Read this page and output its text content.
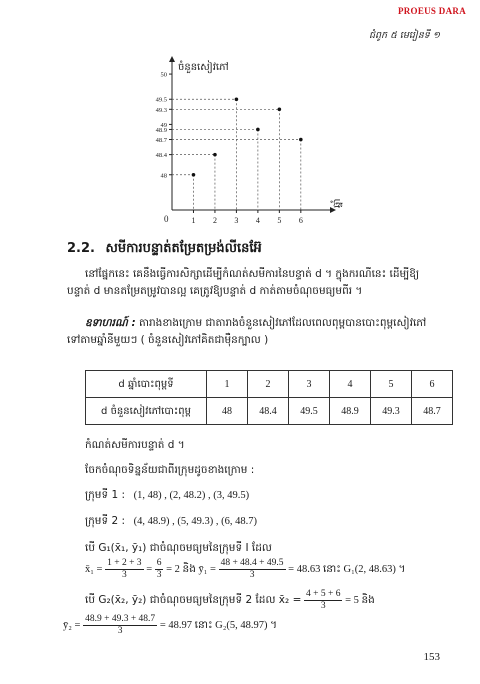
PROEUS DARA
ជំពូក ៥ មេរៀនទី ១
0	1 2 3 4 5 6
50
49.5
49.3
49
48.9
48.7
48.4
48
ចំនួនសៀវភៅ
ឆ្នាំ
2.2. សមីការបន្ទាត់តម្រែតម្រង់លីនេអ៊ែ
នៅផ្នែកនេះ គេនឹងធ្វើការសិក្សាដើម្បីកំណត់សមីការនៃបន្ទាត់ d ។ ក្នុងករណីនេះ ដើម្បីឱ្យ
បន្ទាត់ d មានតម្រែតម្រូវបានល្អ គេត្រូវឱ្យបន្ទាត់ d កាត់តាមចំណុចមធ្យមពីរ ។
ឧទាហរណ៍ : តារាងខាងក្រោម ជាតារាងចំនួនសៀវភៅដែលពេលពុម្ពបានបោះពុម្ពសៀវភៅ
ទៅតាមឆ្នាំនីមួយៗ ( ចំនួនសៀវភៅគិតជាម៉ឺនក្បាល )
d ឆ្នាំបោះពុម្ពទី	1	2	3	4	5	6
d ចំនួនសៀវភៅបោះពុម្ព	48	48.4	49.5	48.9	49.3	48.7
កំណត់សមីការបន្ទាត់ d ។
ចែកចំណុចទិន្នន័យជាពីរក្រុមដូចខាងក្រោម :
ក្រុមទី 1 : (1, 48) , (2, 48.2) , (3, 49.5)
ក្រុមទី 2 : (4, 48.9) , (5, 49.3) , (6, 48.7)
បើ G₁(x̄₁, ȳ₁) ជាចំណុចមធ្យមនៃក្រុមទី I ដែល
x̄₁ = $\frac{1 + 2 + 3}{3} = \frac{6}{3} = 2$ និង ȳ₁ = $\frac{48 + 48.4 + 49.5}{3} = 48.63$ នោះ G₁(2, 48.63) ។
បើ G₂(x̄₂, ȳ₂) ជាចំណុចមធ្យមនៃក្រុមទី 2 ដែល x̄₂ = $\frac{4 + 5 + 6}{3} = 5$ និង
ȳ₂ = $\frac{48.9 + 49.3 + 48.7}{3} = 48.97$ នោះ G₂(5, 48.97) ។
153
